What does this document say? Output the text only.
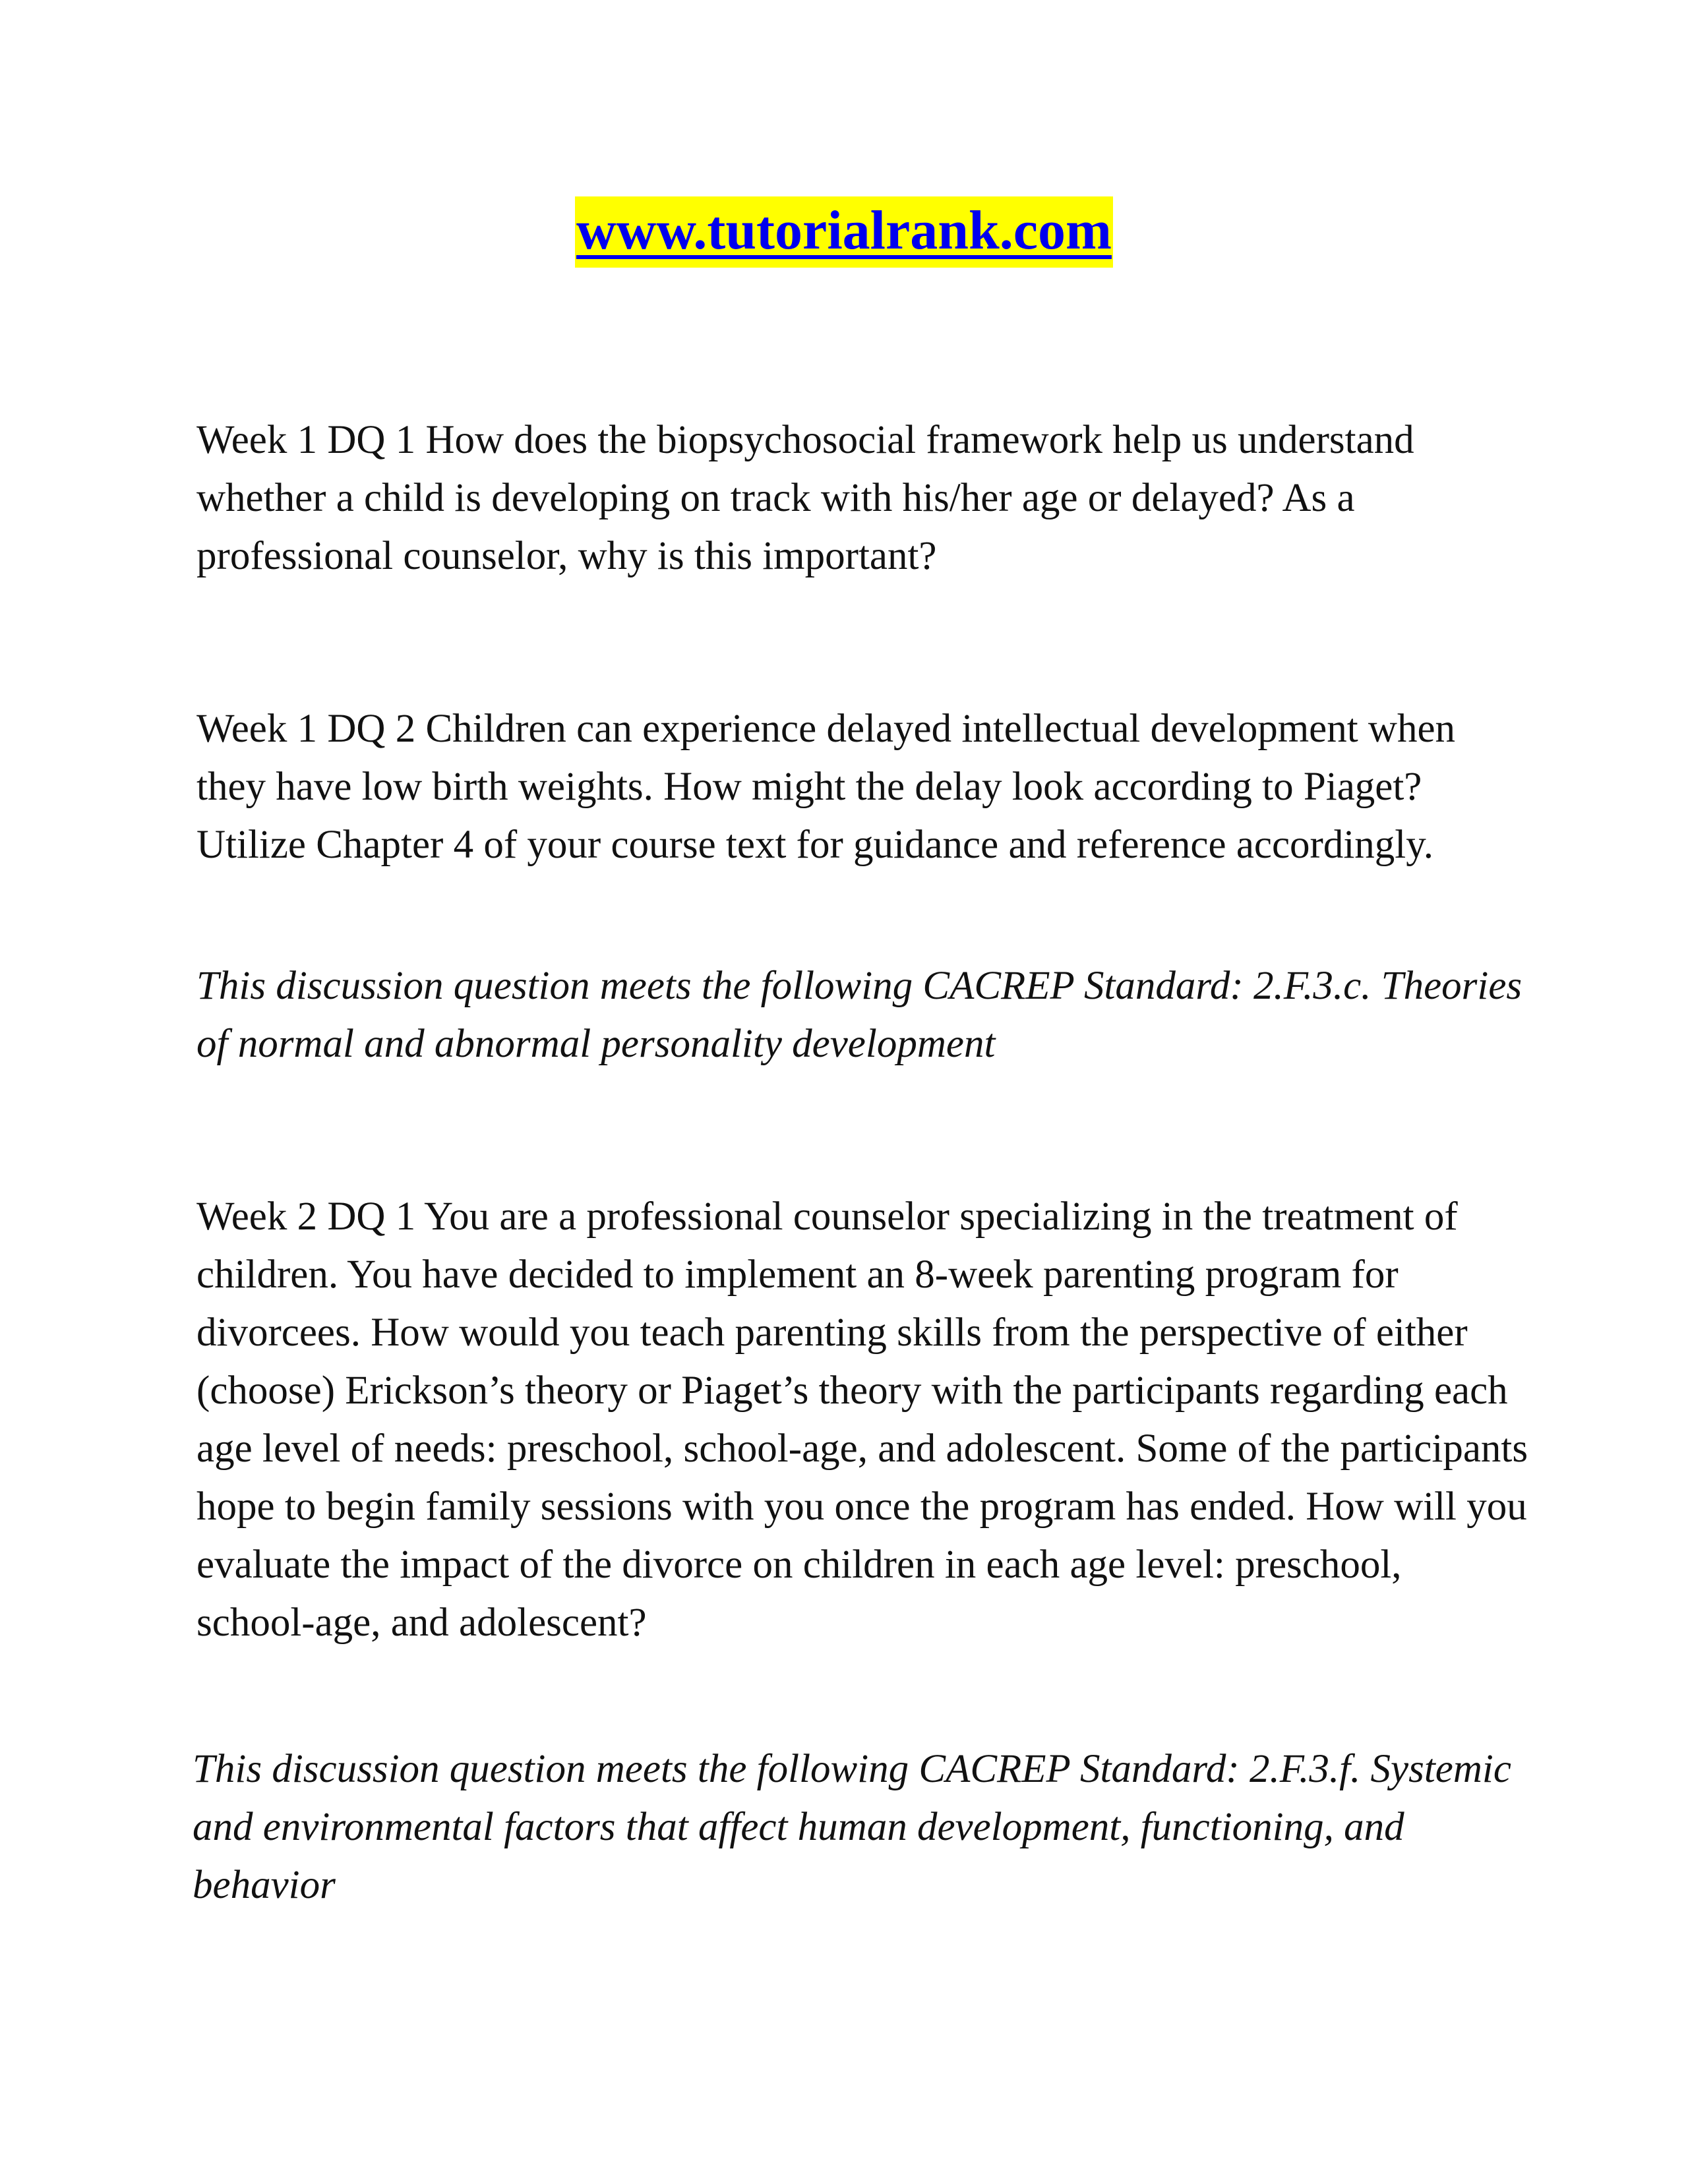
www.tutorialrank.com

Week 1 DQ 1 How does the biopsychosocial framework help us understand whether a child is developing on track with his/her age or delayed? As a professional counselor, why is this important?

Week 1 DQ 2 Children can experience delayed intellectual development when they have low birth weights. How might the delay look according to Piaget? Utilize Chapter 4 of your course text for guidance and reference accordingly.

This discussion question meets the following CACREP Standard: 2.F.3.c. Theories of normal and abnormal personality development

Week 2 DQ 1 You are a professional counselor specializing in the treatment of children. You have decided to implement an 8-week parenting program for divorcees. How would you teach parenting skills from the perspective of either (choose) Erickson’s theory or Piaget’s theory with the participants regarding each age level of needs: preschool, school-age, and adolescent. Some of the participants hope to begin family sessions with you once the program has ended. How will you evaluate the impact of the divorce on children in each age level: preschool, school-age, and adolescent?

This discussion question meets the following CACREP Standard: 2.F.3.f. Systemic and environmental factors that affect human development, functioning, and behavior
